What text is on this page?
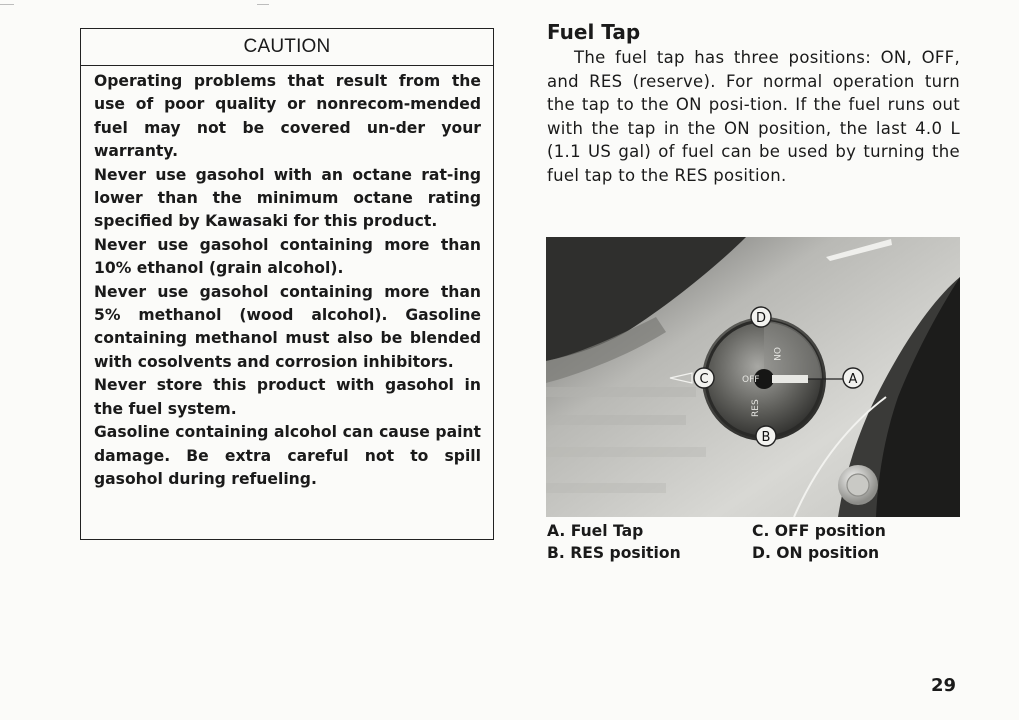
CAUTION

Operating problems that result from the use of poor quality or nonrecom-mended fuel may not be covered un-der your warranty.

Never use gasohol with an octane rat-ing lower than the minimum octane rating specified by Kawasaki for this product.

Never use gasohol containing more than 10% ethanol (grain alcohol).

Never use gasohol containing more than 5% methanol (wood alcohol). Gasoline containing methanol must also be blended with cosolvents and corrosion inhibitors.

Never store this product with gasohol in the fuel system.

Gasoline containing alcohol can cause paint damage. Be extra careful not to spill gasohol during refueling.

Fuel Tap

The fuel tap has three positions: ON, OFF, and RES (reserve). For normal operation turn the tap to the ON posi-tion. If the fuel runs out with the tap in the ON position, the last 4.0 L (1.1 US gal) of fuel can be used by turning the fuel tap to the RES position.

OFF
ON
RES
D
C	A
B
A. Fuel Tap	C. OFF position
B. RES position	D. ON position
29
